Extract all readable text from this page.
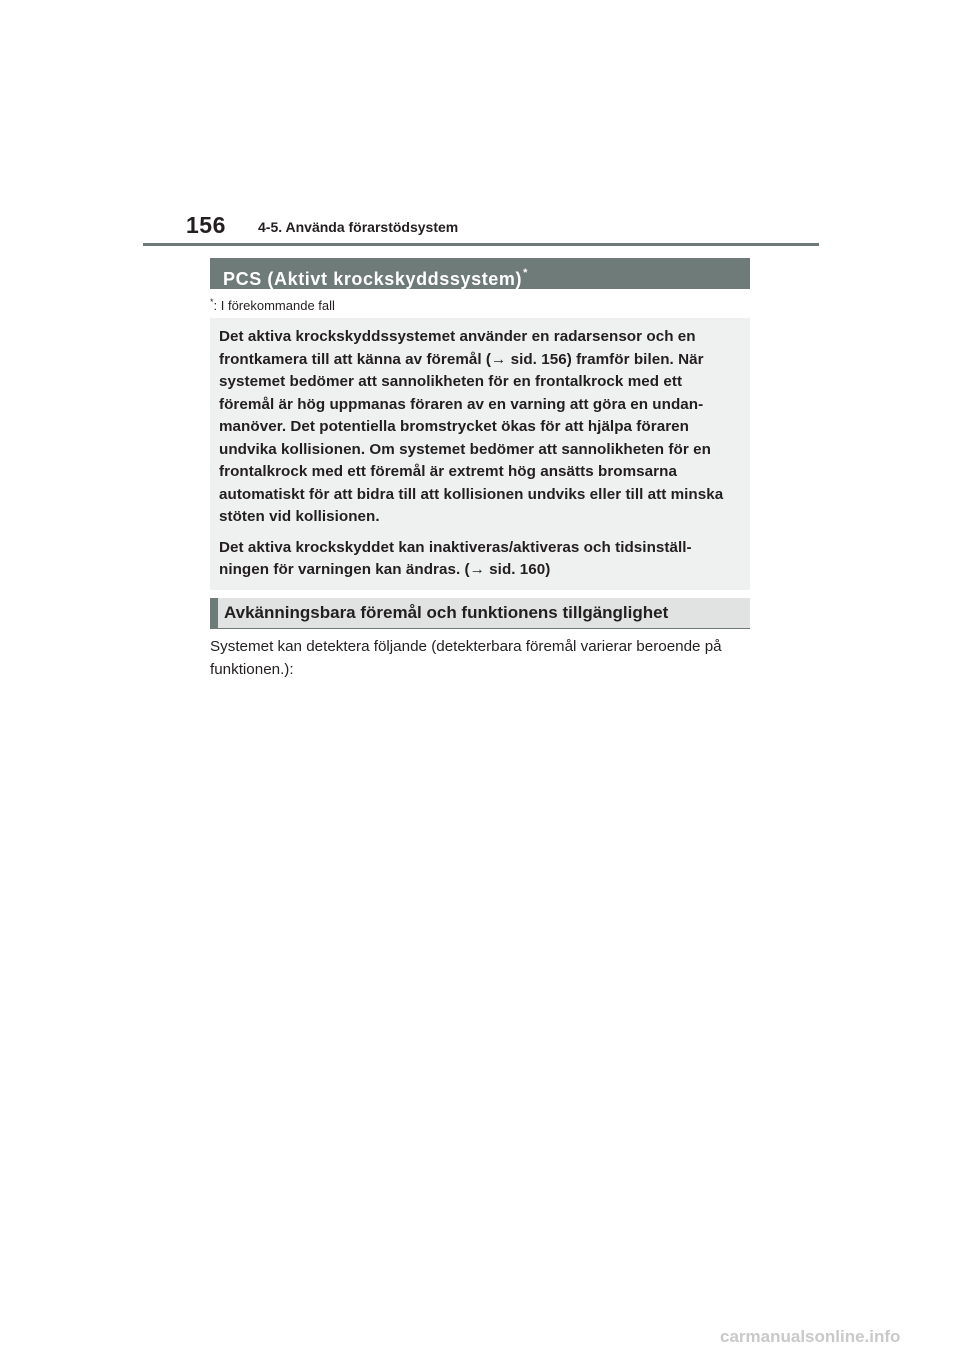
156 4-5. Använda förarstödsystem
PCS (Aktivt krockskyddssystem)*
*: I förekommande fall

Det aktiva krockskyddssystemet använder en radarsensor och en frontkamera till att känna av föremål (→ sid. 156) framför bilen. När systemet bedömer att sannolikheten för en frontalkrock med ett föremål är hög uppmanas föraren av en varning att göra en undan-manöver. Det potentiella bromstrycket ökas för att hjälpa föraren undvika kollisionen. Om systemet bedömer att sannolikheten för en frontalkrock med ett föremål är extremt hög ansätts bromsarna automatiskt för att bidra till att kollisionen undviks eller till att minska stöten vid kollisionen.

Det aktiva krockskyddet kan inaktiveras/aktiveras och tidsinställ-ningen för varningen kan ändras. (→ sid. 160)

Avkänningsbara föremål och funktionens tillgänglighet

Systemet kan detektera följande (detekterbara föremål varierar beroende på funktionen.):

carmanualsonline.info
